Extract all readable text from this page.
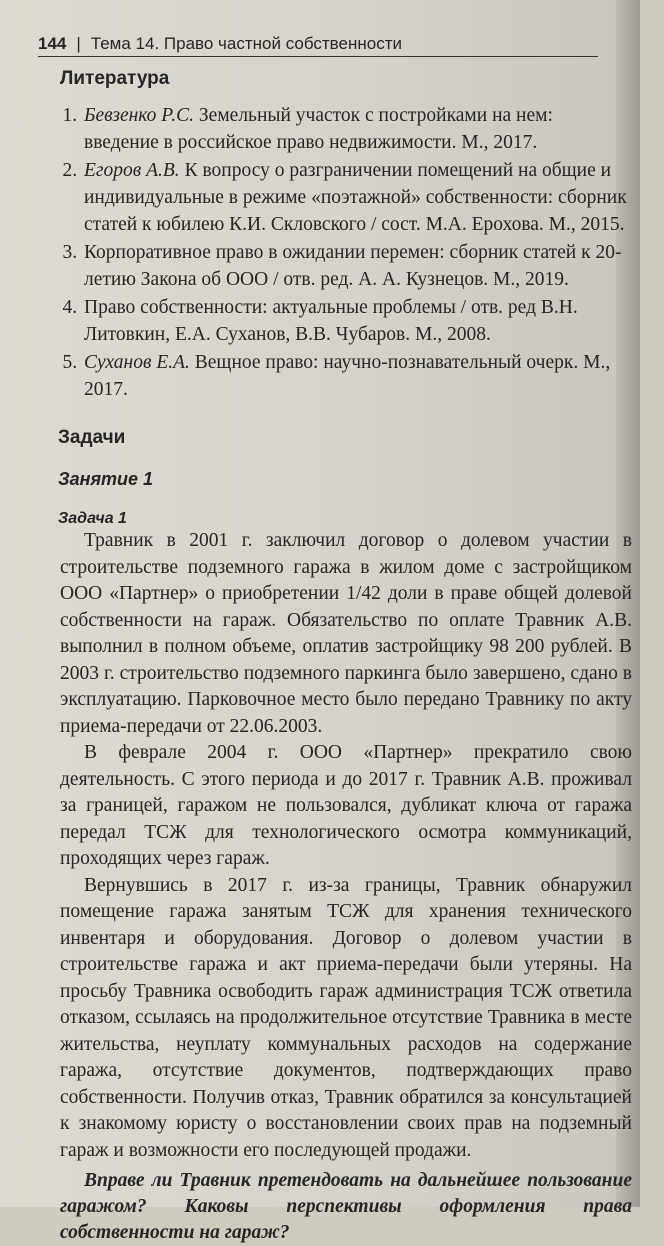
144 | Тема 14. Право частной собственности
Литература
1. Бевзенко Р.С. Земельный участок с постройками на нем: введение в российское право недвижимости. М., 2017.
2. Егоров А.В. К вопросу о разграничении помещений на общие и индивидуальные в режиме «поэтажной» собственности: сборник статей к юбилею К.И. Скловского / сост. М.А. Ерохова. М., 2015.
3. Корпоративное право в ожидании перемен: сборник статей к 20-летию Закона об ООО / отв. ред. А. А. Кузнецов. М., 2019.
4. Право собственности: актуальные проблемы / отв. ред В.Н. Литовкин, Е.А. Суханов, В.В. Чубаров. М., 2008.
5. Суханов Е.А. Вещное право: научно-познавательный очерк. М., 2017.
Задачи
Занятие 1
Задача 1

Травник в 2001 г. заключил договор о долевом участии в строительстве подземного гаража в жилом доме с застройщиком ООО «Партнер» о приобретении 1/42 доли в праве общей долевой собственности на гараж. Обязательство по оплате Травник А.В. выполнил в полном объеме, оплатив застройщику 98 200 рублей. В 2003 г. строительство подземного паркинга было завершено, сдано в эксплуатацию. Парковочное место было передано Травнику по акту приема-передачи от 22.06.2003.

В феврале 2004 г. ООО «Партнер» прекратило свою деятельность. С этого периода и до 2017 г. Травник А.В. проживал за границей, гаражом не пользовался, дубликат ключа от гаража передал ТСЖ для технологического осмотра коммуникаций, проходящих через гараж.

Вернувшись в 2017 г. из-за границы, Травник обнаружил помещение гаража занятым ТСЖ для хранения технического инвентаря и оборудования. Договор о долевом участии в строительстве гаража и акт приема-передачи были утеряны. На просьбу Травника освободить гараж администрация ТСЖ ответила отказом, ссылаясь на продолжительное отсутствие Травника в месте жительства, неуплату коммунальных расходов на содержание гаража, отсутствие документов, подтверждающих право собственности. Получив отказ, Травник обратился за консультацией к знакомому юристу о восстановлении своих прав на подземный гараж и возможности его последующей продажи.

Вправе ли Травник претендовать на дальнейшее пользование гаражом? Каковы перспективы оформления права собственности на гараж?
